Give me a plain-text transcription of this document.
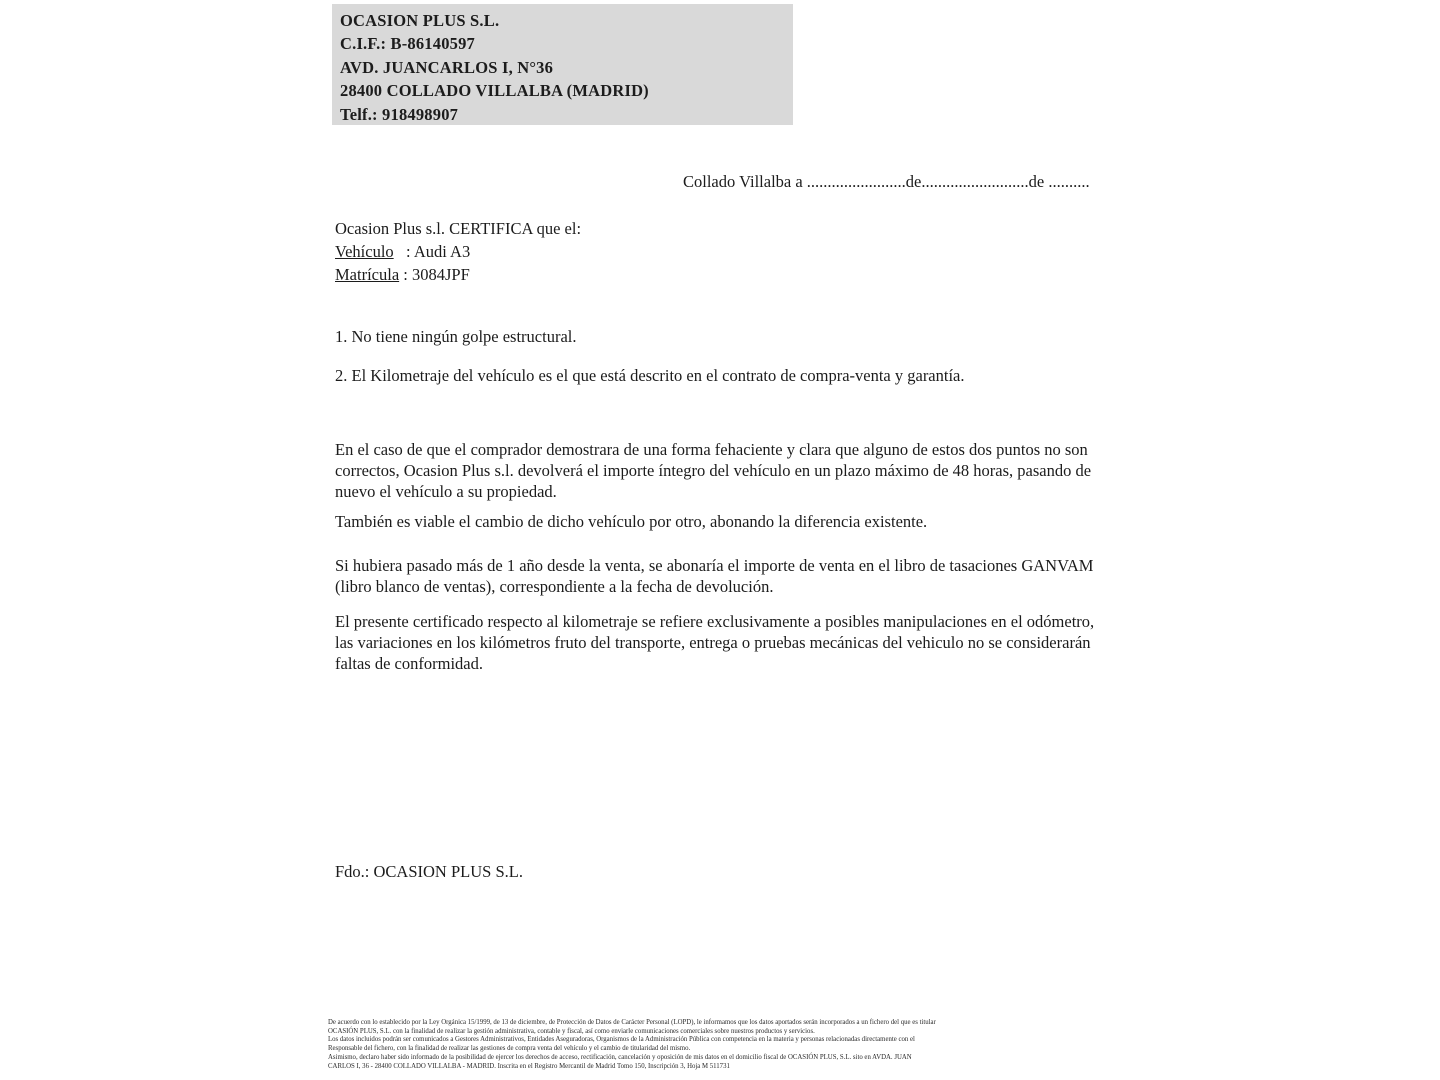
OCASION PLUS S.L.
C.I.F.: B-86140597
AVD. JUANCARLOS I, N°36
28400 COLLADO VILLALBA (MADRID)
Telf.: 918498907
Collado Villalba a ........................de..........................de ..........
Ocasion Plus s.l. CERTIFICA que el:
Vehículo   : Audi A3
Matrícula : 3084JPF
1. No tiene ningún golpe estructural.
2. El Kilometraje del vehículo es el que está descrito en el contrato de compra-venta y garantía.
En el caso de que el comprador demostrara de una forma fehaciente y clara que alguno de estos dos puntos no son correctos, Ocasion Plus s.l. devolverá el importe íntegro del vehículo en un plazo máximo de 48 horas, pasando de nuevo el vehículo a su propiedad.
También es viable el cambio de dicho vehículo por otro, abonando la diferencia existente.
Si hubiera pasado más de 1 año desde la venta, se abonaría el importe de venta en el libro de tasaciones GANVAM (libro blanco de ventas), correspondiente a la fecha de devolución.
El presente certificado respecto al kilometraje se refiere exclusivamente a posibles manipulaciones en el odómetro, las variaciones en los kilómetros fruto del transporte, entrega o pruebas mecánicas del vehiculo no se considerarán faltas de conformidad.
Fdo.: OCASION PLUS S.L.
De acuerdo con lo establecido por la Ley Orgánica 15/1999, de 13 de diciembre, de Protección de Datos de Carácter Personal (LOPD), le informamos que los datos aportados serán incorporados a un fichero del que es titular
OCASIÓN PLUS, S.L. con la finalidad de realizar la gestión administrativa, contable y fiscal, así como enviarle comunicaciones comerciales sobre nuestros productos y servicios.
Los datos incluidos podrán ser comunicados a Gestores Administrativos, Entidades Aseguradoras, Organismos de la Administración Pública con competencia en la materia y personas relacionadas directamente con el
Responsable del fichero, con la finalidad de realizar las gestiones de compra venta del vehículo y el cambio de titularidad del mismo.
Asimismo, declaro haber sido informado de la posibilidad de ejercer los derechos de acceso, rectificación, cancelación y oposición de mis datos en el domicilio fiscal de OCASIÓN PLUS, S.L. sito en AVDA. JUAN
CARLOS I, 36 - 28400 COLLADO VILLALBA - MADRID. Inscrita en el Registro Mercantil de Madrid Tomo 150, Inscripción 3, Hoja M 511731
